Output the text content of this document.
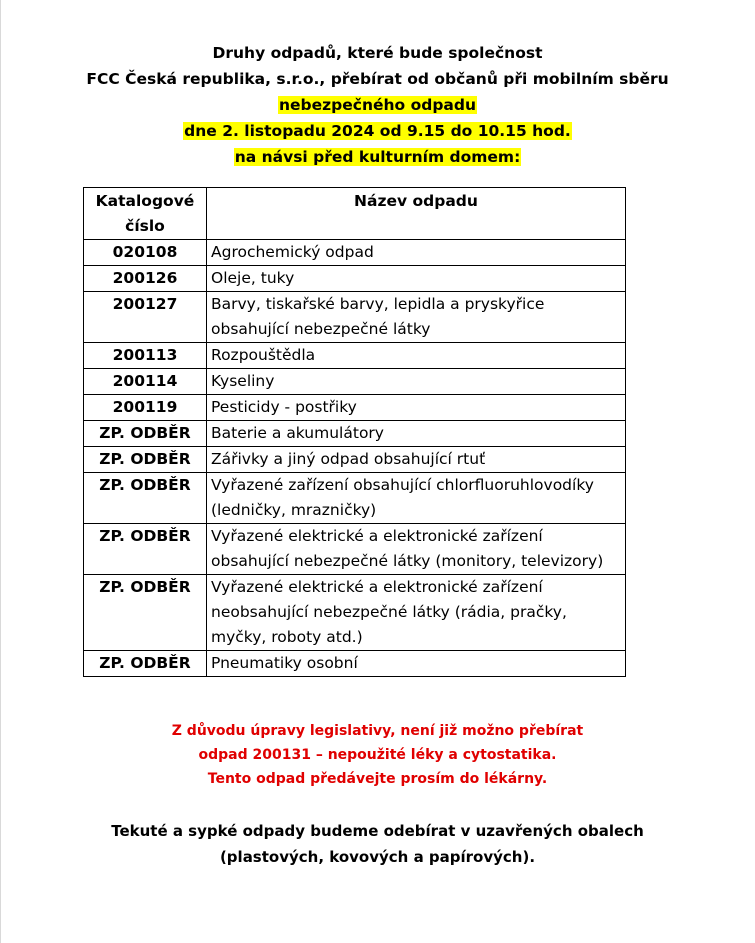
Druhy odpadů, které bude společnost
FCC Česká republika, s.r.o., přebírat od občanů při mobilním sběru
nebezpečného odpadu
dne 2. listopadu 2024 od 9.15 do 10.15 hod.
na návsi před kulturním domem:
Katalogové
číslo	Název odpadu
020108	Agrochemický odpad
200126	Oleje, tuky
200127	Barvy, tiskařské barvy, lepidla a pryskyřice obsahující nebezpečné látky
200113	Rozpouštědla
200114	Kyseliny
200119	Pesticidy - postřiky
ZP. ODBĚR	Baterie a akumulátory
ZP. ODBĚR	Zářivky a jiný odpad obsahující rtuť
ZP. ODBĚR	Vyřazené zařízení obsahující chlorfluoruhlovodíky (ledničky, mrazničky)
ZP. ODBĚR	Vyřazené elektrické a elektronické zařízení obsahující nebezpečné látky (monitory, televizory)
ZP. ODBĚR	Vyřazené elektrické a elektronické zařízení neobsahující nebezpečné látky (rádia, pračky, myčky, roboty atd.)
ZP. ODBĚR	Pneumatiky osobní
Z důvodu úpravy legislativy, není již možno přebírat
odpad 200131 – nepoužité léky a cytostatika.
Tento odpad předávejte prosím do lékárny.
Tekuté a sypké odpady budeme odebírat v uzavřených obalech
(plastových, kovových a papírových).
